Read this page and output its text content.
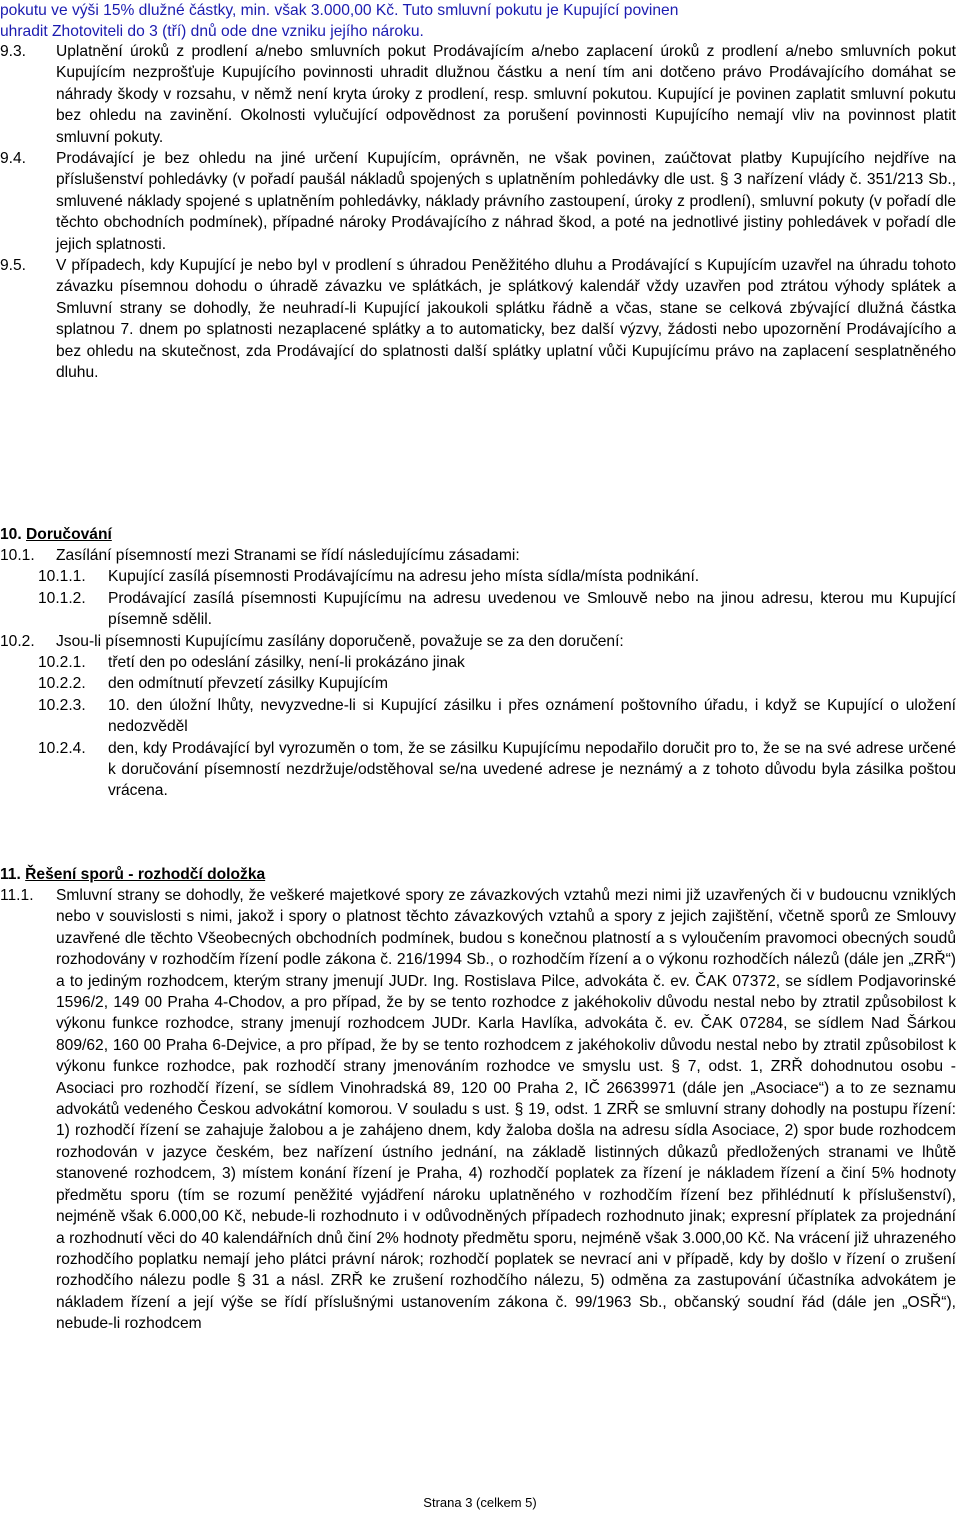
pokutu ve výši 15% dlužné částky, min. však 3.000,00 Kč. Tuto smluvní pokutu je Kupující povinen
uhradit Zhotoviteli do 3 (tří) dnů ode dne vzniku jejího nároku.
9.3. Uplatnění úroků z prodlení a/nebo smluvních pokut Prodávajícím a/nebo zaplacení úroků z prodlení a/nebo smluvních pokut Kupujícím nezprošťuje Kupujícího povinnosti uhradit dlužnou částku a není tím ani dotčeno právo Prodávajícího domáhat se náhrady škody v rozsahu, v němž není kryta úroky z prodlení, resp. smluvní pokutou. Kupující je povinen zaplatit smluvní pokutu bez ohledu na zavinění. Okolnosti vylučující odpovědnost za porušení povinnosti Kupujícího nemají vliv na povinnost platit smluvní pokuty.
9.4. Prodávající je bez ohledu na jiné určení Kupujícím, oprávněn, ne však povinen, zaúčtovat platby Kupujícího nejdříve na příslušenství pohledávky (v pořadí paušál nákladů spojených s uplatněním pohledávky dle ust. § 3 nařízení vlády č. 351/213 Sb., smluvené náklady spojené s uplatněním pohledávky, náklady právního zastoupení, úroky z prodlení), smluvní pokuty (v pořadí dle těchto obchodních podmínek), případné nároky Prodávajícího z náhrad škod, a poté na jednotlivé jistiny pohledávek v pořadí dle jejich splatnosti.
9.5. V případech, kdy Kupující je nebo byl v prodlení s úhradou Peněžitého dluhu a Prodávající s Kupujícím uzavřel na úhradu tohoto závazku písemnou dohodu o úhradě závazku ve splátkách, je splátkový kalendář vždy uzavřen pod ztrátou výhody splátek a Smluvní strany se dohodly, že neuhradí-li Kupující jakoukoli splátku řádně a včas, stane se celková zbývající dlužná částka splatnou 7. dnem po splatnosti nezaplacené splátky a to automaticky, bez další výzvy, žádosti nebo upozornění Prodávajícího a bez ohledu na skutečnost, zda Prodávající do splatnosti další splátky uplatní vůči Kupujícímu právo na zaplacení sesplatněného dluhu.
10. Doručování
10.1. Zasílání písemností mezi Stranami se řídí následujícímu zásadami:
10.1.1. Kupující zasílá písemnosti Prodávajícímu na adresu jeho místa sídla/místa podnikání.
10.1.2. Prodávající zasílá písemnosti Kupujícímu na adresu uvedenou ve Smlouvě nebo na jinou adresu, kterou mu Kupující písemně sdělil.
10.2. Jsou-li písemnosti Kupujícímu zasílány doporučeně, považuje se za den doručení:
10.2.1. třetí den po odeslání zásilky, není-li prokázáno jinak
10.2.2. den odmítnutí převzetí zásilky Kupujícím
10.2.3. 10. den úložní lhůty, nevyzvedne-li si Kupující zásilku i přes oznámení poštovního úřadu, i když se Kupující o uložení nedozvěděl
10.2.4. den, kdy Prodávající byl vyrozuměn o tom, že se zásilku Kupujícímu nepodařilo doručit pro to, že se na své adrese určené k doručování písemností nezdržuje/odstěhoval se/na uvedené adrese je neznámý a z tohoto důvodu byla zásilka poštou vrácena.
11. Řešení sporů - rozhodčí doložka
11.1. Smluvní strany se dohodly, že veškeré majetkové spory ze závazkových vztahů mezi nimi již uzavřených či v budoucnu vzniklých nebo v souvislosti s nimi, jakož i spory o platnost těchto závazkových vztahů a spory z jejich zajištění, včetně sporů ze Smlouvy uzavřené dle těchto Všeobecných obchodních podmínek, budou s konečnou platností a s vyloučením pravomoci obecných soudů rozhodovány v rozhodčím řízení podle zákona č. 216/1994 Sb., o rozhodčím řízení a o výkonu rozhodčích nálezů (dále jen „ZRŘ“) a to jediným rozhodcem, kterým strany jmenují JUDr. Ing. Rostislava Pilce, advokáta č. ev. ČAK 07372, se sídlem Podjavorinské 1596/2, 149 00 Praha 4-Chodov, a pro případ, že by se tento rozhodce z jakéhokoliv důvodu nestal nebo by ztratil způsobilost k výkonu funkce rozhodce, strany jmenují rozhodcem JUDr. Karla Havlíka, advokáta č. ev. ČAK 07284, se sídlem Nad Šárkou 809/62, 160 00 Praha 6-Dejvice, a pro případ, že by se tento rozhodcem z jakéhokoliv důvodu nestal nebo by ztratil způsobilost k výkonu funkce rozhodce, pak rozhodčí strany jmenováním rozhodce ve smyslu ust. § 7, odst. 1, ZRŘ dohodnutou osobu - Asociaci pro rozhodčí řízení, se sídlem Vinohradská 89, 120 00 Praha 2, IČ 26639971 (dále jen „Asociace“) a to ze seznamu advokátů vedeného Českou advokátní komorou. V souladu s ust. § 19, odst. 1 ZRŘ se smluvní strany dohodly na postupu řízení: 1) rozhodčí řízení se zahajuje žalobou a je zahájeno dnem, kdy žaloba došla na adresu sídla Asociace, 2) spor bude rozhodcem rozhodován v jazyce českém, bez nařízení ústního jednání, na základě listinných důkazů předložených stranami ve lhůtě stanovené rozhodcem, 3) místem konání řízení je Praha, 4) rozhodčí poplatek za řízení je nákladem řízení a činí 5% hodnoty předmětu sporu (tím se rozumí peněžité vyjádření nároku uplatněného v rozhodčím řízení bez přihlédnutí k příslušenství), nejméně však 6.000,00 Kč, nebude-li rozhodnuto i v odůvodněných případech rozhodnuto jinak; expresní příplatek za projednání a rozhodnutí věci do 40 kalendářních dnů činí 2% hodnoty předmětu sporu, nejméně však 3.000,00 Kč. Na vrácení již uhrazeného rozhodčího poplatku nemají jeho plátci právní nárok; rozhodčí poplatek se nevrací ani v případě, kdy by došlo v řízení o zrušení rozhodčího nálezu podle § 31 a násl. ZRŘ ke zrušení rozhodčího nálezu, 5) odměna za zastupování účastníka advokátem je nákladem řízení a její výše se řídí příslušnými ustanovením zákona č. 99/1963 Sb., občanský soudní řád (dále jen „OSŘ“), nebude-li rozhodcem
Strana 3 (celkem 5)
